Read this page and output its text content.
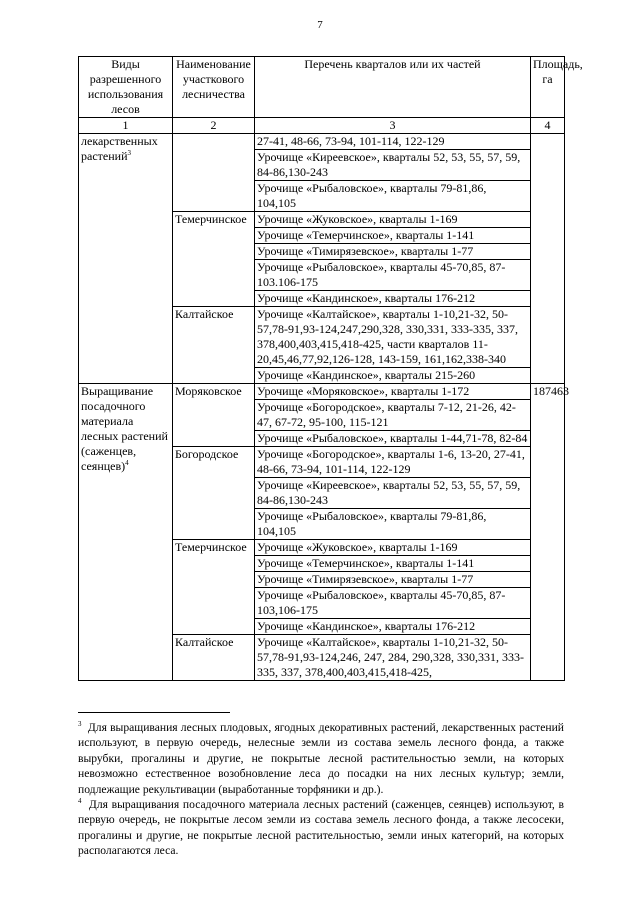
7
Виды разрешенного использования лесов	Наименование участкового лесничества	Перечень кварталов или их частей	Площадь, га
1	2	3	4
лекарственных растений$^3$		27-41, 48-66, 73-94, 101-114, 122-129	
		Урочище «Киреевское», кварталы 52, 53, 55, 57, 59, 84-86,130-243	
		Урочище «Рыбаловское», кварталы 79-81,86, 104,105	
	Темерчинское	Урочище «Жуковское», кварталы 1-169	
		Урочище «Темерчинское», кварталы 1-141	
		Урочище «Тимирязевское», кварталы 1-77	
		Урочище «Рыбаловское», кварталы 45-70,85, 87-103.106-175	
		Урочище «Кандинское», кварталы 176-212	
	Калтайское	Урочище «Калтайское», кварталы 1-10,21-32, 50-57,78-91,93-124,247,290,328, 330,331, 333-335, 337, 378,400,403,415,418-425, части кварталов 11-20,45,46,77,92,126-128, 143-159, 161,162,338-340	
		Урочище «Кандинское», кварталы 215-260	
Выращивание посадочного материала лесных растений (саженцев, сеянцев)$^4$	Моряковское	Урочище «Моряковское», кварталы 1-172	187463
		Урочище «Богородское», кварталы 7-12, 21-26, 42-47, 67-72, 95-100, 115-121	
		Урочище «Рыбаловское», кварталы 1-44,71-78, 82-84	
	Богородское	Урочище «Богородское», кварталы 1-6, 13-20, 27-41, 48-66, 73-94, 101-114, 122-129	
		Урочище «Киреевское», кварталы 52, 53, 55, 57, 59, 84-86,130-243	
		Урочище «Рыбаловское», кварталы 79-81,86, 104,105	
	Темерчинское	Урочище «Жуковское», кварталы 1-169	
		Урочище «Темерчинское», кварталы 1-141	
		Урочище «Тимирязевское», кварталы 1-77	
		Урочище «Рыбаловское», кварталы 45-70,85, 87-103,106-175	
		Урочище «Кандинское», кварталы 176-212	
	Калтайское	Урочище «Калтайское», кварталы 1-10,21-32, 50-57,78-91,93-124,246, 247, 284, 290,328, 330,331, 333-335, 337, 378,400,403,415,418-425,	

$^3$ Для выращивания лесных плодовых, ягодных декоративных растений, лекарственных растений используют, в первую очередь, нелесные земли из состава земель лесного фонда, а также вырубки, прогалины и другие, не покрытые лесной растительностью земли, на которых невозможно естественное возобновление леса до посадки на них лесных культур; земли, подлежащие рекультивации (выработанные торфяники и др.).

$^4$ Для выращивания посадочного материала лесных растений (саженцев, сеянцев) используют, в первую очередь, не покрытые лесом земли из состава земель лесного фонда, а также лесосеки, прогалины и другие, не покрытые лесной растительностью, земли иных категорий, на которых располагаются леса.
